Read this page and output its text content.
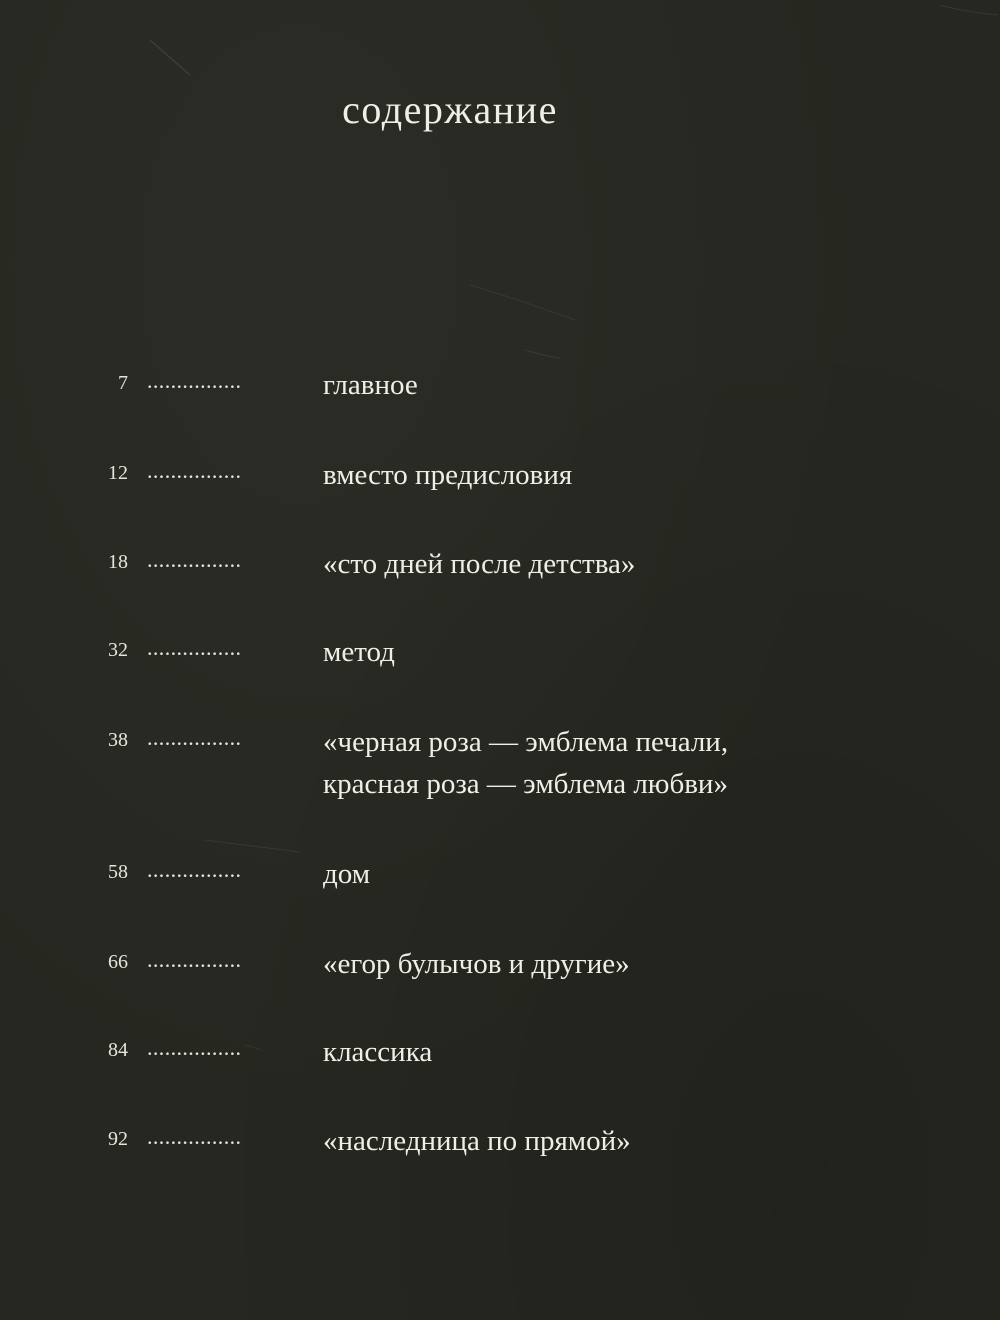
содержание
7 ................	главное
12 ................	вместо предисловия
18 ................	«сто дней после детства»
32 ................	метод
38 ................	«черная роза — эмблема печали,
красная роза — эмблема любви»
58 ................	дом
66 ................	«егор булычов и другие»
84 ................	классика
92 ................	«наследница по прямой»
